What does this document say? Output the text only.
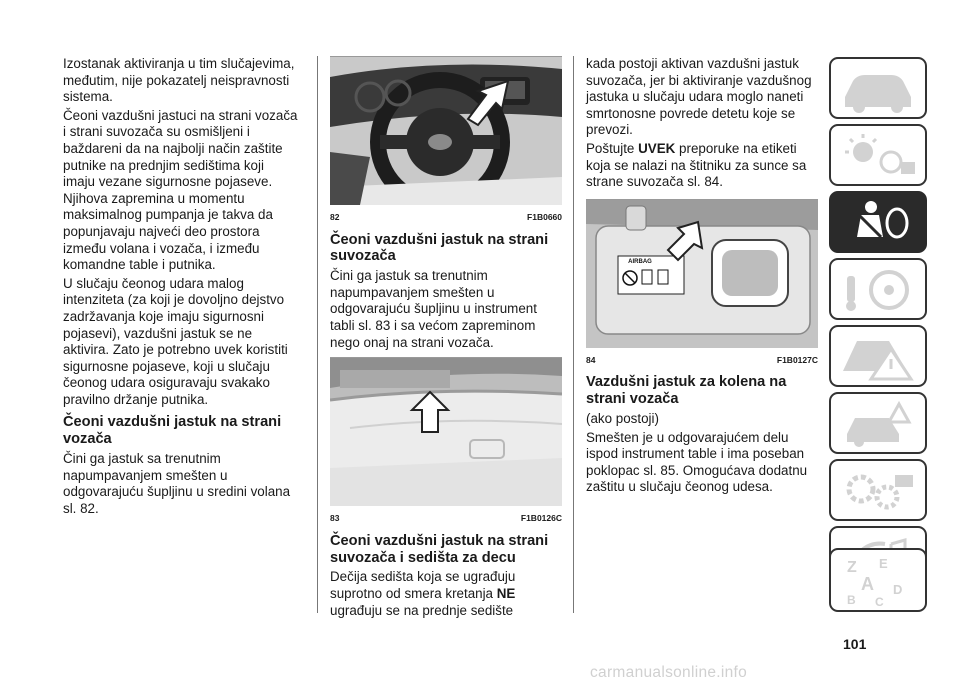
Izostanak aktiviranja u tim slučajevima, međutim, nije pokazatelj neispravnosti sistema.

Čeoni vazdušni jastuci na strani vozača i strani suvozača su osmišljeni i baždareni da na najbolji način zaštite putnike na prednjim sedištima koji imaju vezane sigurnosne pojaseve. Njihova zapremina u momentu maksimalnog pumpanja je takva da popunjavaju najveći deo prostora između volana i vozača, i između komandne table i putnika.

U slučaju čeonog udara malog intenziteta (za koji je dovoljno dejstvo zadržavanja koje imaju sigurnosni pojasevi), vazdušni jastuk se ne aktivira. Zato je potrebno uvek koristiti sigurnosne pojaseve, koji u slučaju čeonog udara osiguravaju svakako pravilno držanje putnika.

Čeoni vazdušni jastuk na strani vozača

Čini ga jastuk sa trenutnim napumpavanjem smešten u odgovarajuću šupljinu u sredini volana sl. 82.

82	F1B0660
Čeoni vazdušni jastuk na strani suvozača

Čini ga jastuk sa trenutnim napumpavanjem smešten u odgovarajuću šupljinu u instrument tabli sl. 83 i sa većom zapreminom nego onaj na strani vozača.

83	F1B0126C
Čeoni vazdušni jastuk na strani suvozača i sedišta za decu

Dečija sedišta koja se ugrađuju suprotno od smera kretanja NE ugrađuju se na prednje sedište

kada postoji aktivan vazdušni jastuk suvozača, jer bi aktiviranje vazdušnog jastuka u slučaju udara moglo naneti smrtonosne povrede detetu koje se prevozi.

Poštujte UVEK preporuke na etiketi koja se nalazi na štitniku za sunce sa strane suvozača sl. 84.

AIRBAG
84	F1B0127C
Vazdušni jastuk za kolena na strani vozača

(ako postoji)

Smešten je u odgovarajućem delu ispod instrument table i ima poseban poklopac sl. 85. Omogućava dodatnu zaštitu u slučaju čeonog udesa.

Z E
A D
B C
101
carmanualsonline.info
